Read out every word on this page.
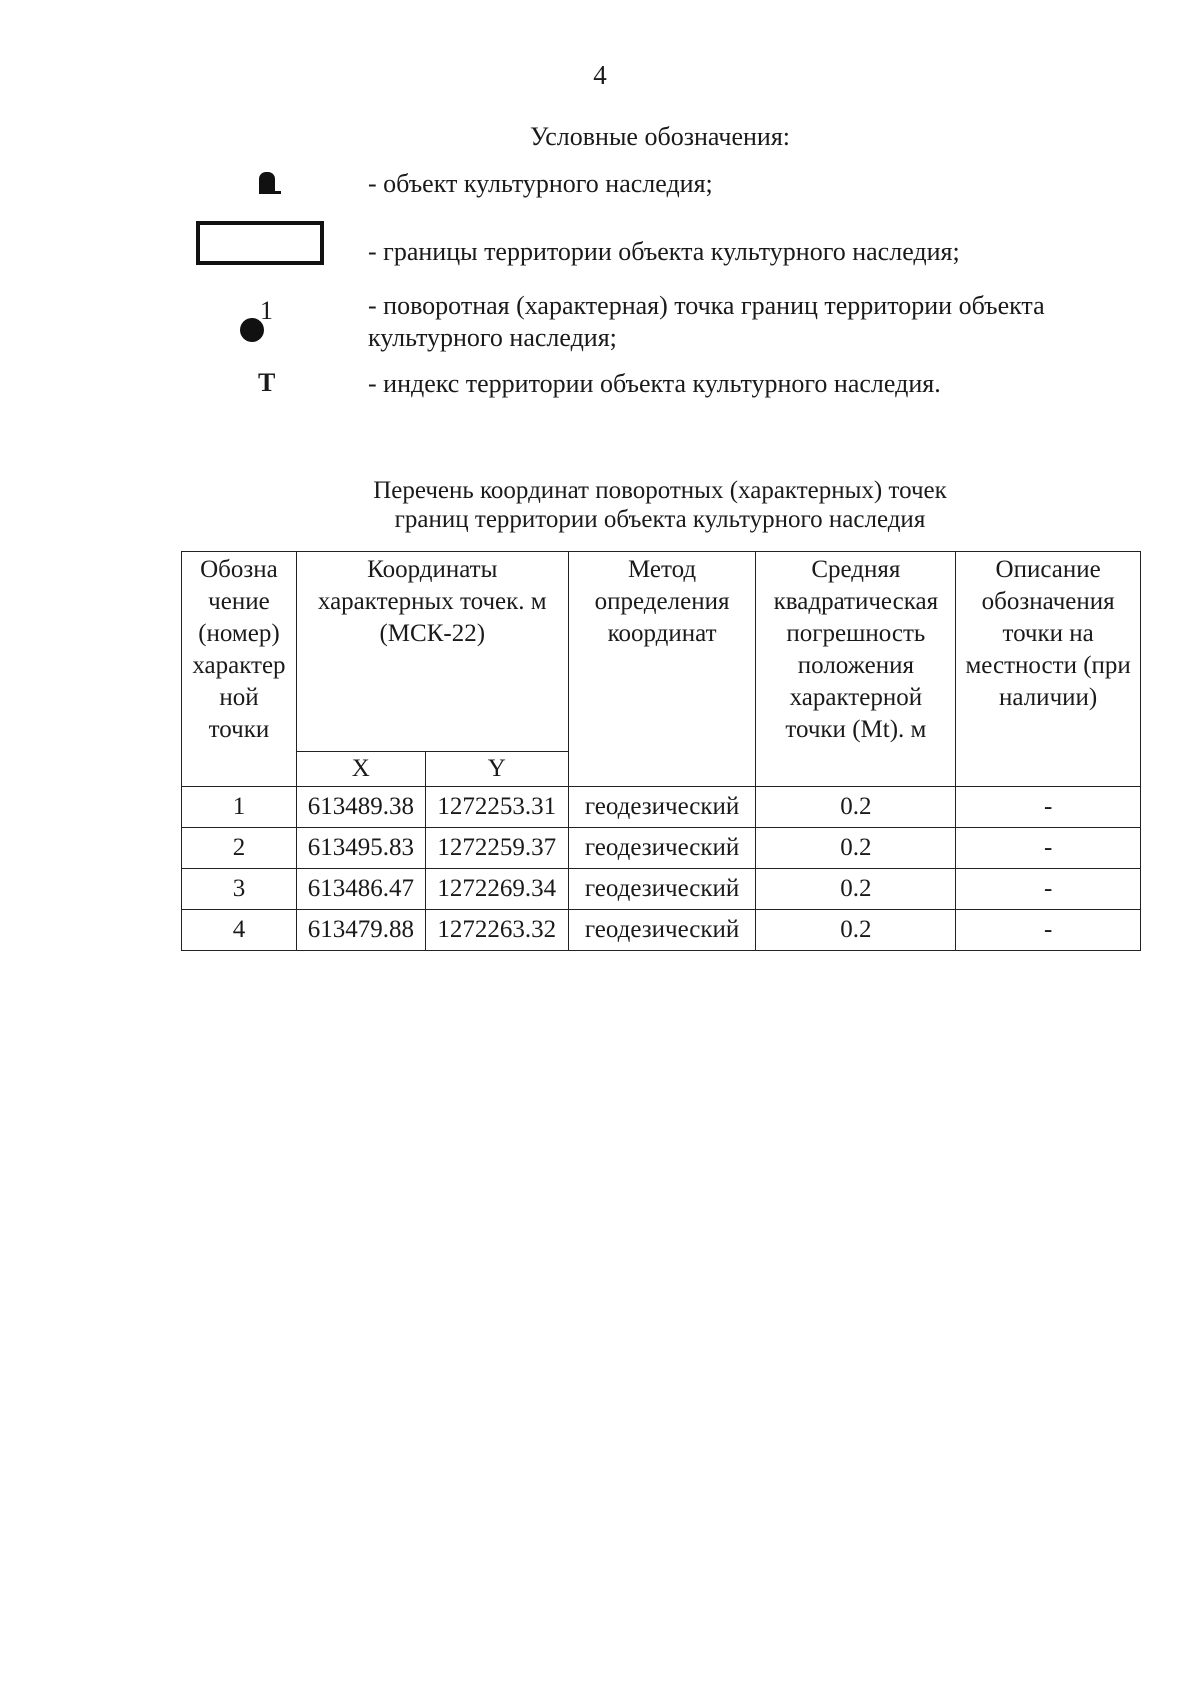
4
Условные обозначения:
- объект культурного наследия;
- границы территории объекта культурного наследия;
1	- поворотная (характерная) точка границ территории объекта культурного наследия;
Т	- индекс территории объекта культурного наследия.
Перечень координат поворотных (характерных) точек
границ территории объекта культурного наследия
Обозна чение (номер) характер ной точки	Координаты характерных точек. м (МСК-22)		Метод определения координат	Средняя квадратическая погрешность положения характерной точки (Mt). м	Описание обозначения точки на местности (при наличии)
	X	Y			
1	613489.38	1272253.31	геодезический	0.2	-
2	613495.83	1272259.37	геодезический	0.2	-
3	613486.47	1272269.34	геодезический	0.2	-
4	613479.88	1272263.32	геодезический	0.2	-
